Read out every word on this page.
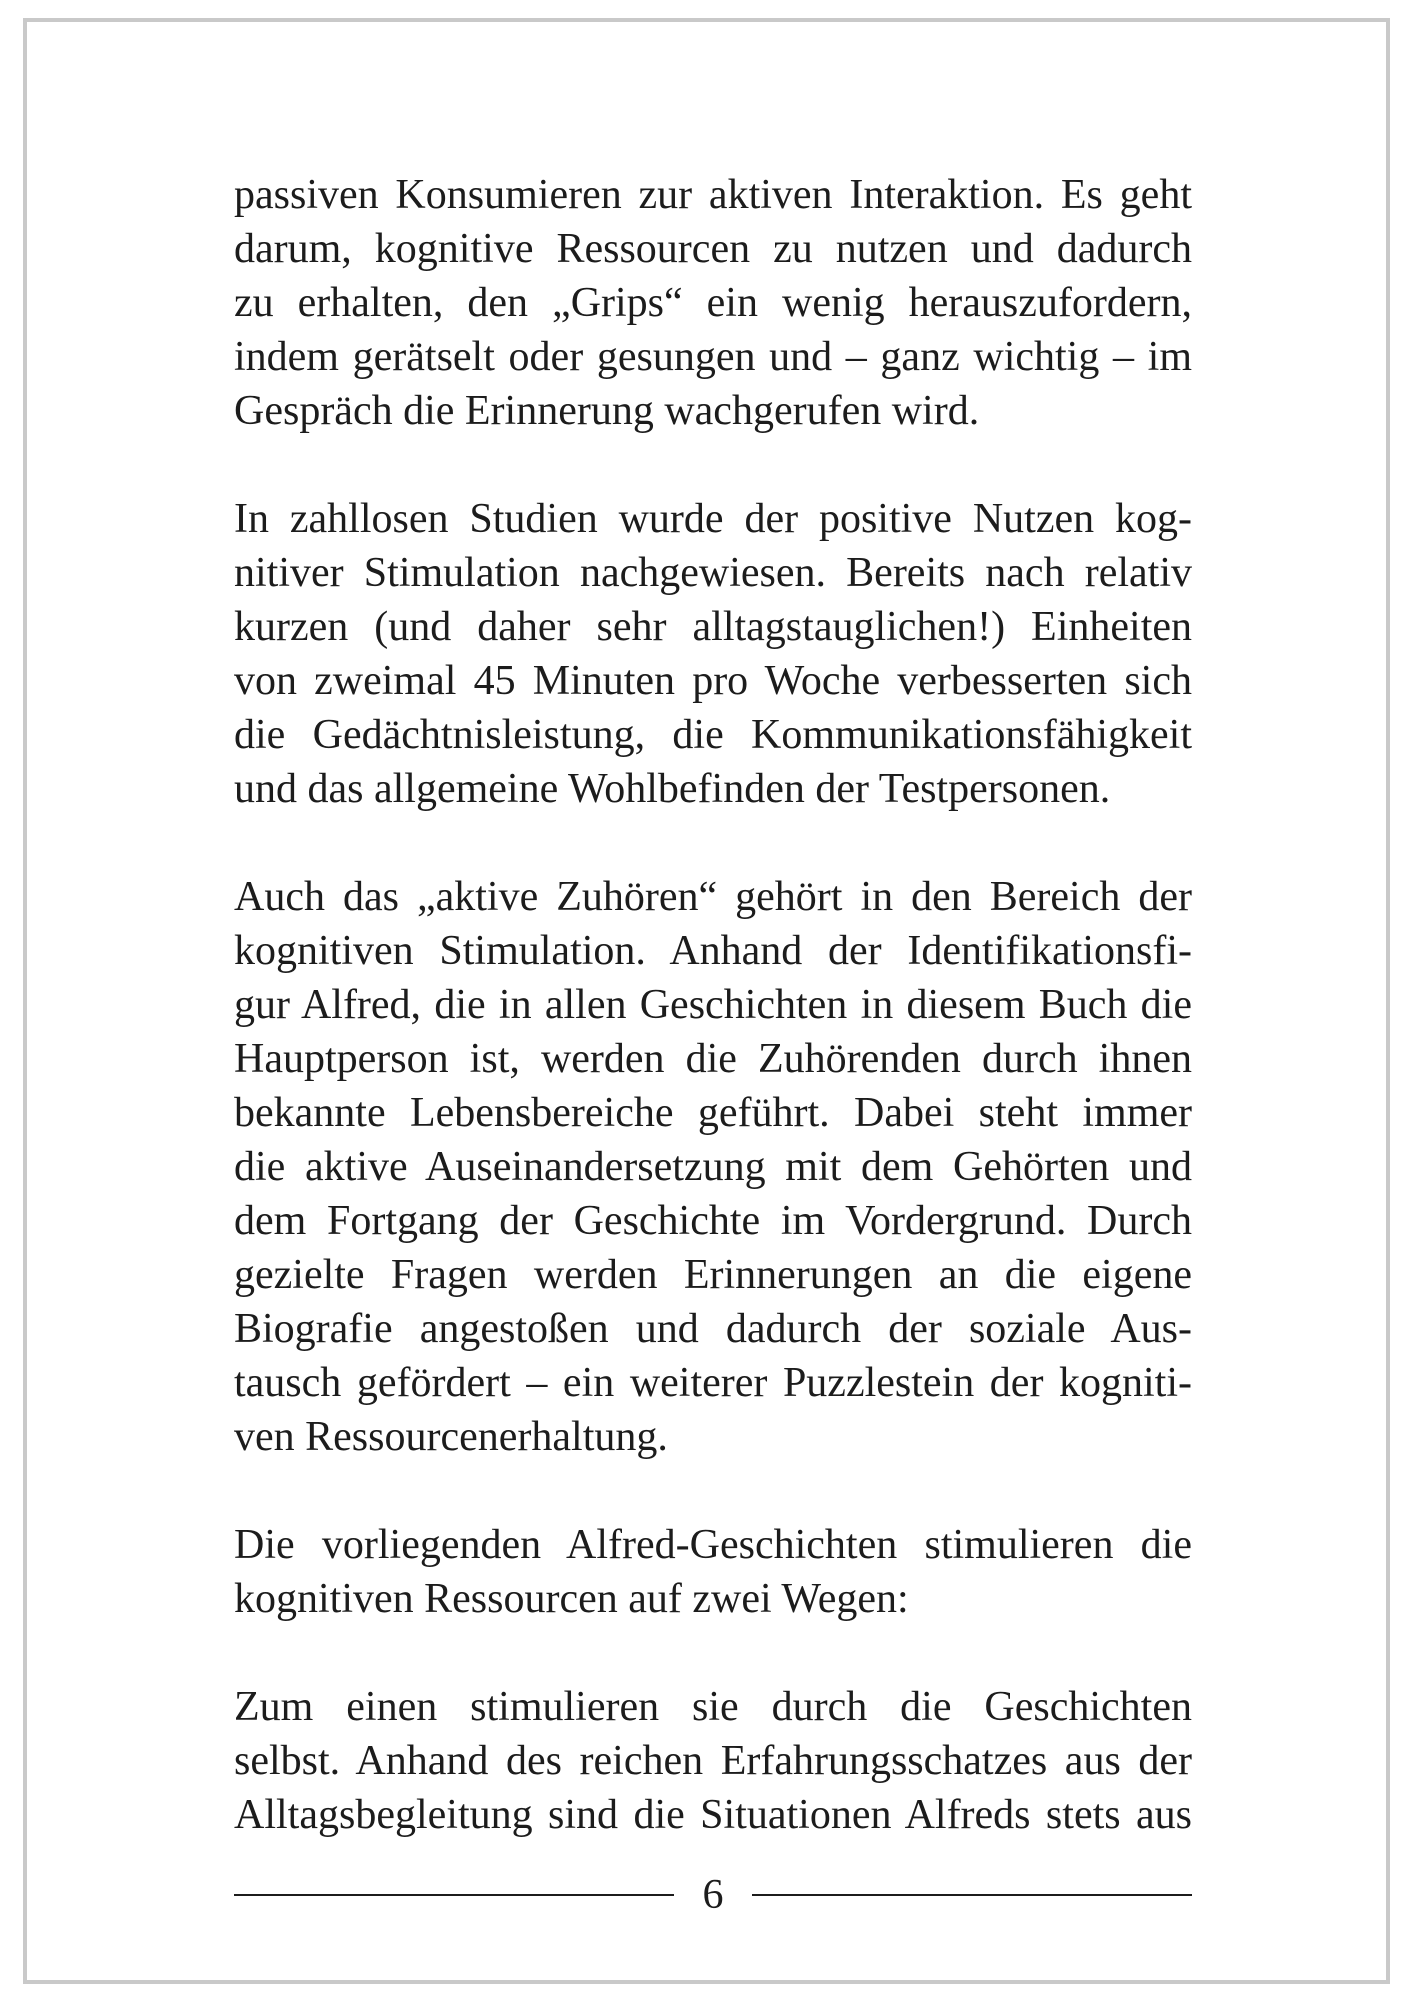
passiven Konsumieren zur aktiven Interaktion. Es geht
darum, kognitive Ressourcen zu nutzen und dadurch
zu erhalten, den „Grips“ ein wenig herauszufordern,
indem gerätselt oder gesungen und – ganz wichtig – im
Gespräch die Erinnerung wachgerufen wird.

In zahllosen Studien wurde der positive Nutzen kog-
nitiver Stimulation nachgewiesen. Bereits nach relativ
kurzen (und daher sehr alltagstauglichen!) Einheiten
von zweimal 45 Minuten pro Woche verbesserten sich
die Gedächtnisleistung, die Kommunikationsfähigkeit
und das allgemeine Wohlbefinden der Testpersonen.

Auch das „aktive Zuhören“ gehört in den Bereich der
kognitiven Stimulation. Anhand der Identifikationsfi-
gur Alfred, die in allen Geschichten in diesem Buch die
Hauptperson ist, werden die Zuhörenden durch ihnen
bekannte Lebensbereiche geführt. Dabei steht immer
die aktive Auseinandersetzung mit dem Gehörten und
dem Fortgang der Geschichte im Vordergrund. Durch
gezielte Fragen werden Erinnerungen an die eigene
Biografie angestoßen und dadurch der soziale Aus-
tausch gefördert – ein weiterer Puzzlestein der kogniti-
ven Ressourcenerhaltung.

Die vorliegenden Alfred-Geschichten stimulieren die
kognitiven Ressourcen auf zwei Wegen:

Zum einen stimulieren sie durch die Geschichten
selbst. Anhand des reichen Erfahrungsschatzes aus der
Alltagsbegleitung sind die Situationen Alfreds stets aus

6
